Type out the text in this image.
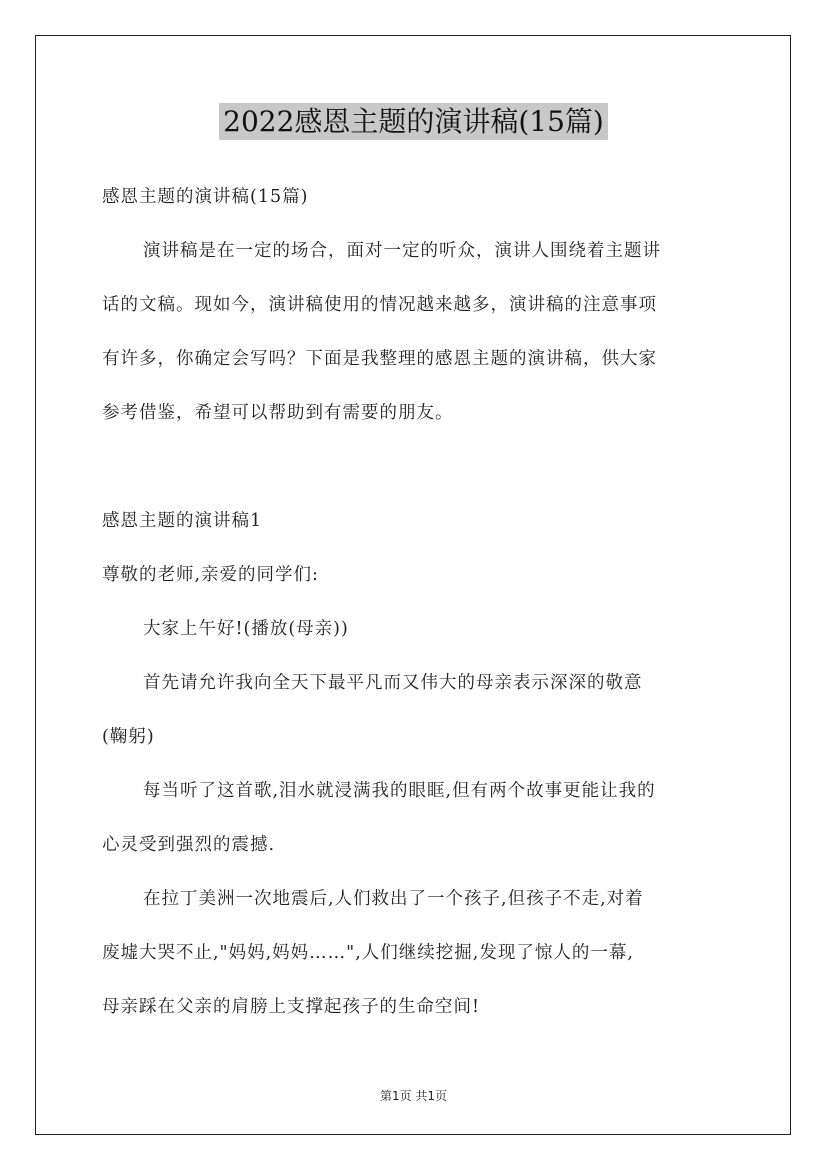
2022感恩主题的演讲稿(15篇)
感恩主题的演讲稿(15篇)
演讲稿是在一定的场合，面对一定的听众，演讲人围绕着主题讲
话的文稿。现如今，演讲稿使用的情况越来越多，演讲稿的注意事项
有许多，你确定会写吗？下面是我整理的感恩主题的演讲稿，供大家
参考借鉴，希望可以帮助到有需要的朋友。
感恩主题的演讲稿1
尊敬的老师,亲爱的同学们:
大家上午好!(播放(母亲))
首先请允许我向全天下最平凡而又伟大的母亲表示深深的敬意
(鞠躬)
每当听了这首歌,泪水就浸满我的眼眶,但有两个故事更能让我的
心灵受到强烈的震撼.
在拉丁美洲一次地震后,人们救出了一个孩子,但孩子不走,对着
废墟大哭不止,"妈妈,妈妈……",人们继续挖掘,发现了惊人的一幕,
母亲踩在父亲的肩膀上支撑起孩子的生命空间!
第1页 共1页
